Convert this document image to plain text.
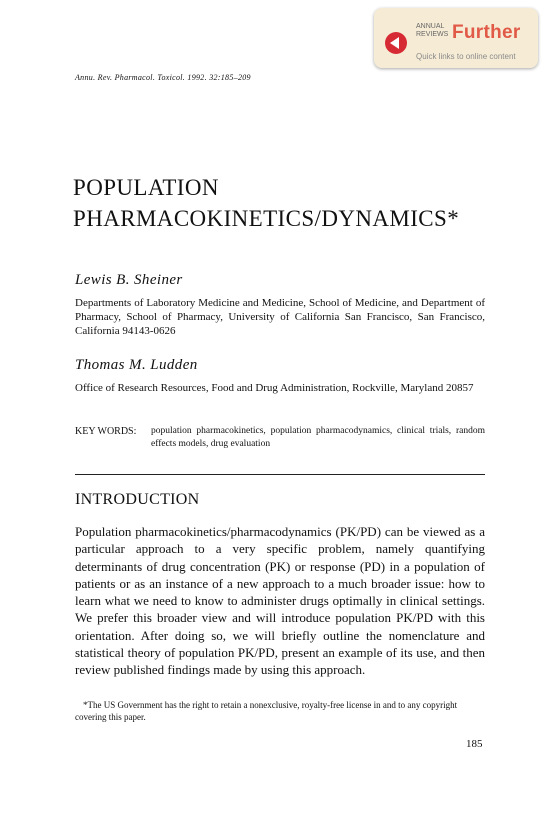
ANNUAL
REVIEWS Further
Quick links to online content
Annu. Rev. Pharmacol. Toxicol. 1992. 32:185–209
POPULATION
PHARMACOKINETICS/DYNAMICS*
Lewis B. Sheiner

Departments of Laboratory Medicine and Medicine, School of Medicine, and Department of Pharmacy, School of Pharmacy, University of California San Francisco, San Francisco, California 94143-0626

Thomas M. Ludden

Office of Research Resources, Food and Drug Administration, Rockville, Maryland 20857

KEY WORDS: population pharmacokinetics, population pharmacodynamics, clinical trials, random effects models, drug evaluation
INTRODUCTION

Population pharmacokinetics/pharmacodynamics (PK/PD) can be viewed as a particular approach to a very specific problem, namely quantifying determinants of drug concentration (PK) or response (PD) in a population of patients or as an instance of a new approach to a much broader issue: how to learn what we need to know to administer drugs optimally in clinical settings. We prefer this broader view and will introduce population PK/PD with this orientation. After doing so, we will briefly outline the nomenclature and statistical theory of population PK/PD, present an example of its use, and then review published findings made by using this approach.

*The US Government has the right to retain a nonexclusive, royalty-free license in and to any copyright covering this paper.

185
